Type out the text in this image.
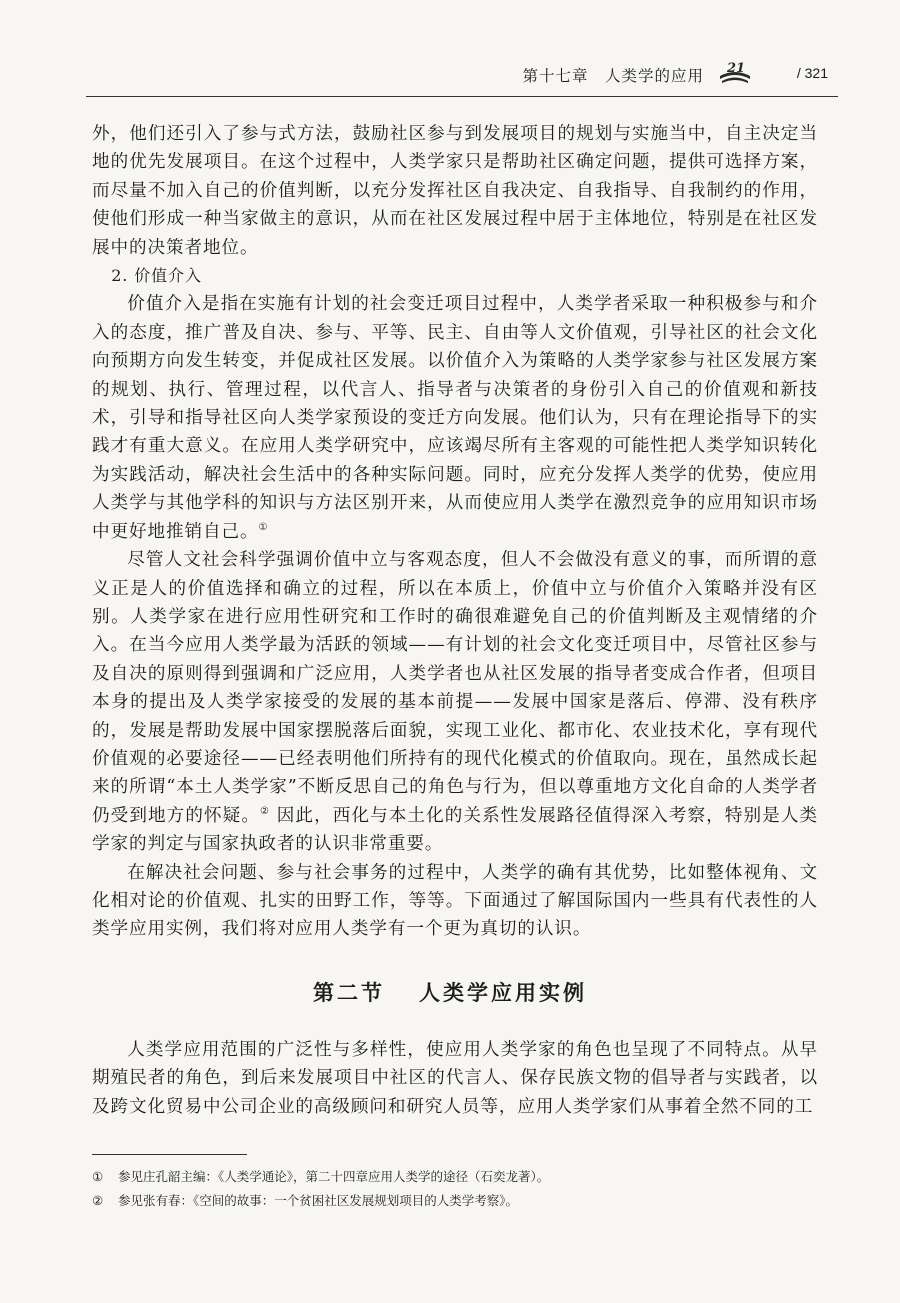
第十七章　人类学的应用 21	/ 321

外，他们还引入了参与式方法，鼓励社区参与到发展项目的规划与实施当中，自主决定当地的优先发展项目。在这个过程中，人类学家只是帮助社区确定问题，提供可选择方案，而尽量不加入自己的价值判断，以充分发挥社区自我决定、自我指导、自我制约的作用，使他们形成一种当家做主的意识，从而在社区发展过程中居于主体地位，特别是在社区发展中的决策者地位。

2. 价值介入

价值介入是指在实施有计划的社会变迁项目过程中，人类学者采取一种积极参与和介入的态度，推广普及自决、参与、平等、民主、自由等人文价值观，引导社区的社会文化向预期方向发生转变，并促成社区发展。以价值介入为策略的人类学家参与社区发展方案的规划、执行、管理过程，以代言人、指导者与决策者的身份引入自己的价值观和新技术，引导和指导社区向人类学家预设的变迁方向发展。他们认为，只有在理论指导下的实践才有重大意义。在应用人类学研究中，应该竭尽所有主客观的可能性把人类学知识转化为实践活动，解决社会生活中的各种实际问题。同时，应充分发挥人类学的优势，使应用人类学与其他学科的知识与方法区别开来，从而使应用人类学在激烈竞争的应用知识市场中更好地推销自己。①

尽管人文社会科学强调价值中立与客观态度，但人不会做没有意义的事，而所谓的意义正是人的价值选择和确立的过程，所以在本质上，价值中立与价值介入策略并没有区别。人类学家在进行应用性研究和工作时的确很难避免自己的价值判断及主观情绪的介入。在当今应用人类学最为活跃的领域——有计划的社会文化变迁项目中，尽管社区参与及自决的原则得到强调和广泛应用，人类学者也从社区发展的指导者变成合作者，但项目本身的提出及人类学家接受的发展的基本前提——发展中国家是落后、停滞、没有秩序的，发展是帮助发展中国家摆脱落后面貌，实现工业化、都市化、农业技术化，享有现代价值观的必要途径——已经表明他们所持有的现代化模式的价值取向。现在，虽然成长起来的所谓“本土人类学家”不断反思自己的角色与行为，但以尊重地方文化自命的人类学者仍受到地方的怀疑。② 因此，西化与本土化的关系性发展路径值得深入考察，特别是人类学家的判定与国家执政者的认识非常重要。

在解决社会问题、参与社会事务的过程中，人类学的确有其优势，比如整体视角、文化相对论的价值观、扎实的田野工作，等等。下面通过了解国际国内一些具有代表性的人类学应用实例，我们将对应用人类学有一个更为真切的认识。

第二节 人类学应用实例

人类学应用范围的广泛性与多样性，使应用人类学家的角色也呈现了不同特点。从早期殖民者的角色，到后来发展项目中社区的代言人、保存民族文物的倡导者与实践者，以及跨文化贸易中公司企业的高级顾问和研究人员等，应用人类学家们从事着全然不同的工

① 参见庄孔韶主编：《人类学通论》，第二十四章应用人类学的途径（石奕龙著）。
② 参见张有春：《空间的故事：一个贫困社区发展规划项目的人类学考察》。
